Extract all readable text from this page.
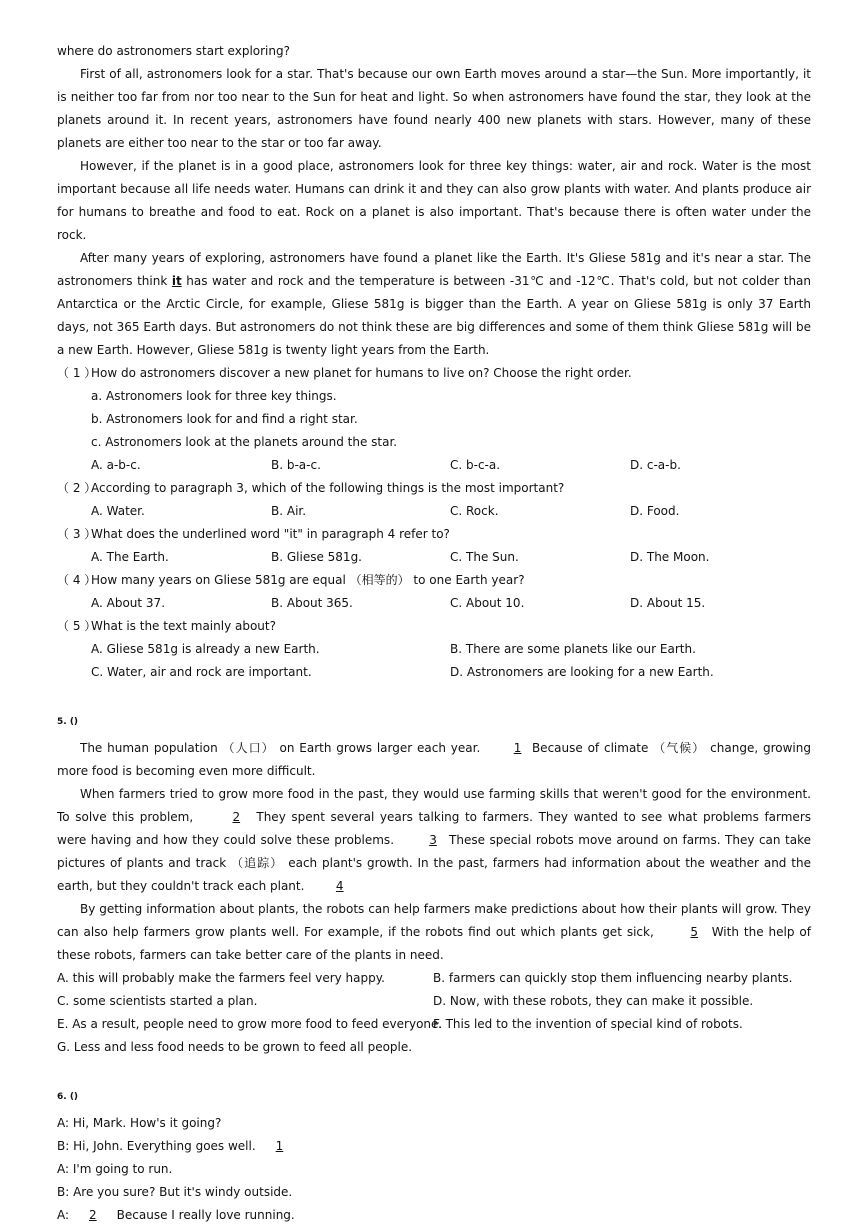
where do astronomers start exploring?

First of all, astronomers look for a star. That's because our own Earth moves around a star—the Sun. More importantly, it is neither too far from nor too near to the Sun for heat and light. So when astronomers have found the star, they look at the planets around it. In recent years, astronomers have found nearly 400 new planets with stars. However, many of these planets are either too near to the star or too far away.

However, if the planet is in a good place, astronomers look for three key things: water, air and rock. Water is the most important because all life needs water. Humans can drink it and they can also grow plants with water. And plants produce air for humans to breathe and food to eat. Rock on a planet is also important. That's because there is often water under the rock.

After many years of exploring, astronomers have found a planet like the Earth. It's Gliese 581g and it's near a star. The astronomers think it has water and rock and the temperature is between -31℃ and -12℃. That's cold, but not colder than Antarctica or the Arctic Circle, for example, Gliese 581g is bigger than the Earth. A year on Gliese 581g is only 37 Earth days, not 365 Earth days. But astronomers do not think these are big differences and some of them think Gliese 581g will be a new Earth. However, Gliese 581g is twenty light years from the Earth.

（ 1 ）How do astronomers discover a new planet for humans to live on? Choose the right order.
a. Astronomers look for three key things.
b. Astronomers look for and find a right star.
c. Astronomers look at the planets around the star.
A. a-b-c.	B. b-a-c.	C. b-c-a.	D. c-a-b.
（ 2 ）According to paragraph 3, which of the following things is the most important?
A. Water.	B. Air.	C. Rock.	D. Food.
（ 3 ）What does the underlined word "it" in paragraph 4 refer to?
A. The Earth.	B. Gliese 581g.	C. The Sun.	D. The Moon.
（ 4 ）How many years on Gliese 581g are equal （相等的） to one Earth year?
A. About 37.	B. About 365.	C. About 10.	D. About 15.
（ 5 ）What is the text mainly about?
A. Gliese 581g is already a new Earth.	B. There are some planets like our Earth.
C. Water, air and rock are important.	D. Astronomers are looking for a new Earth.
5. ()

The human population （人口） on Earth grows larger each year. 1 Because of climate （气候） change, growing more food is becoming even more difficult.

When farmers tried to grow more food in the past, they would use farming skills that weren't good for the environment. To solve this problem,	2 They spent several years talking to farmers. They wanted to see what problems farmers were having and how they could solve these problems.	3 These special robots move around on farms. They can take pictures of plants and track （追踪） each plant's growth. In the past, farmers had information about the weather and the earth, but they couldn't track each plant. 4

By getting information about plants, the robots can help farmers make predictions about how their plants will grow. They can also help farmers grow plants well. For example, if the robots find out which plants get sick,	5 With the help of these robots, farmers can take better care of the plants in need.

A. this will probably make the farmers feel very happy.	B. farmers can quickly stop them influencing nearby plants.
C. some scientists started a plan.	D. Now, with these robots, they can make it possible.
E. As a result, people need to grow more food to feed everyone.
F. This led to the invention of special kind of robots.
G. Less and less food needs to be grown to feed all people.
6. ()
A: Hi, Mark. How's it going?
B: Hi, John. Everything goes well. 1
A: I'm going to run.
B: Are you sure? But it's windy outside.
A: 2 Because I really love running.
